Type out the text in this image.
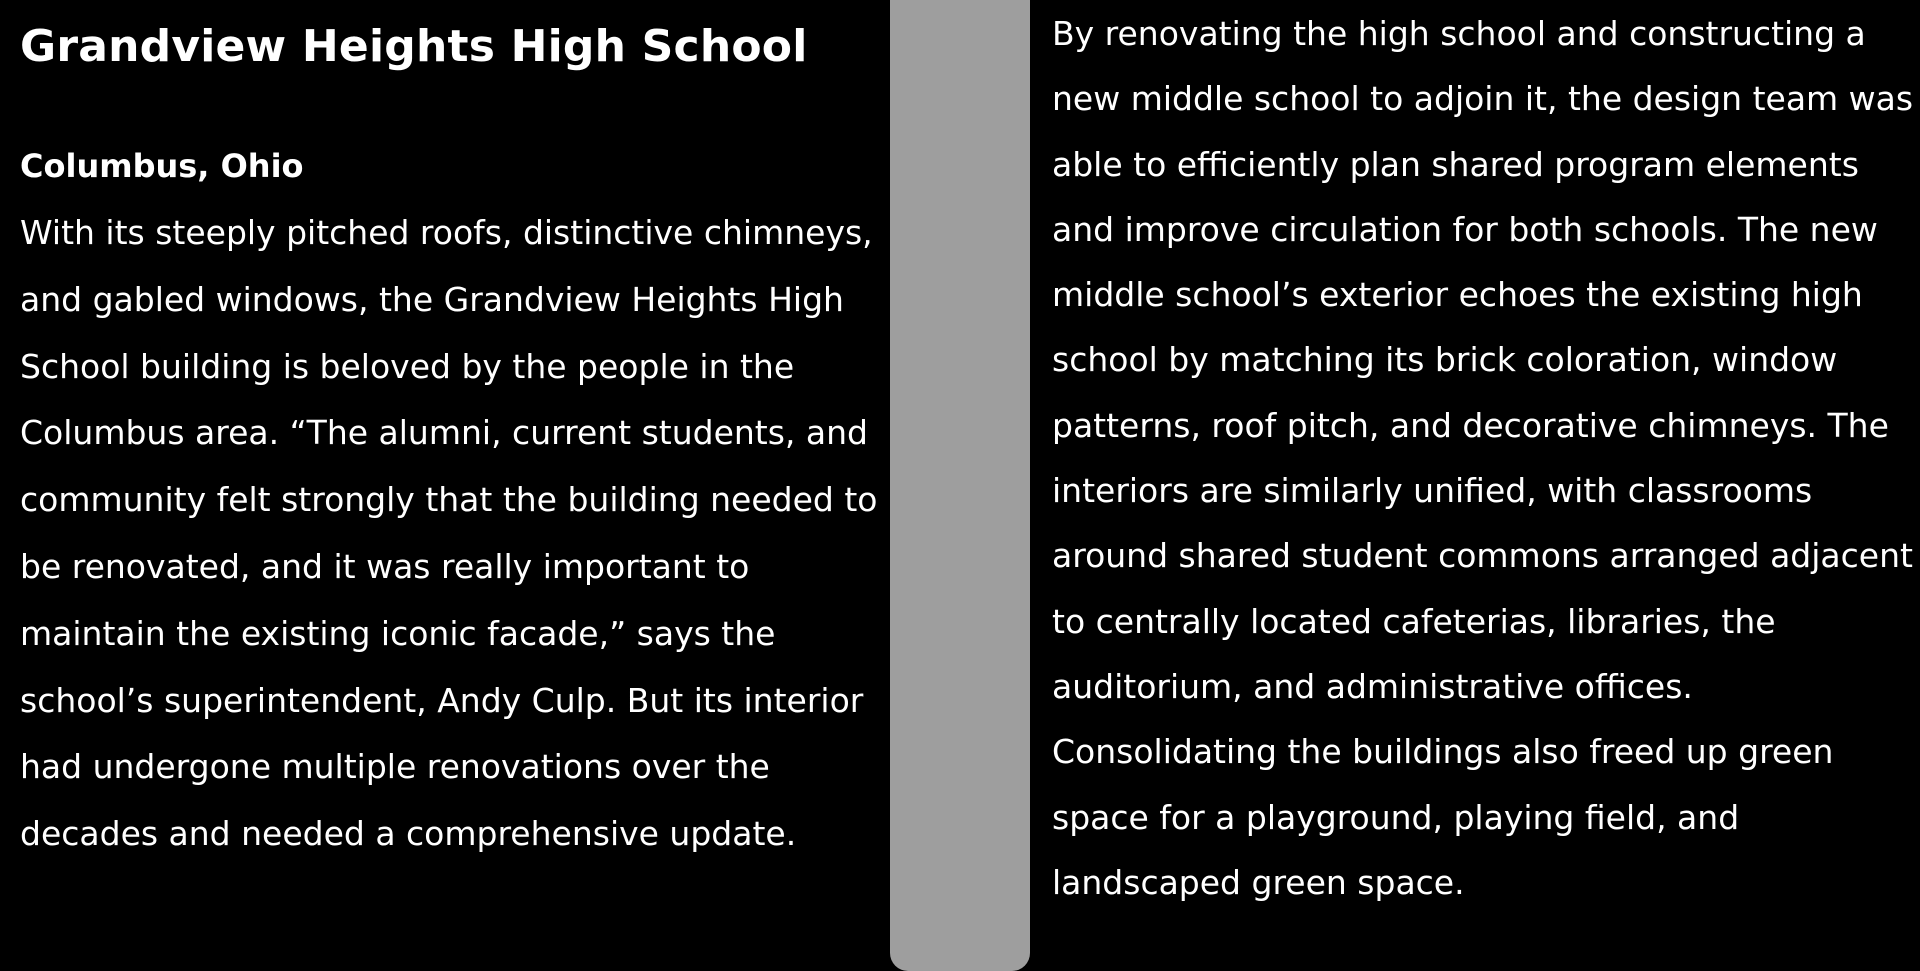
Grandview Heights High School
Columbus, Ohio

With its steeply pitched roofs, distinctive chimneys, and gabled windows, the Grandview Heights High School building is beloved by the people in the Columbus area. “The alumni, current students, and community felt strongly that the building needed to be renovated, and it was really important to maintain the existing iconic facade,” says the school’s superintendent, Andy Culp. But its interior had undergone multiple renovations over the decades and needed a comprehensive update.

By renovating the high school and constructing a new middle school to adjoin it, the design team was able to efficiently plan shared program elements and improve circulation for both schools. The new middle school’s exterior echoes the existing high school by matching its brick coloration, window patterns, roof pitch, and decorative chimneys. The interiors are similarly unified, with classrooms around shared student commons arranged adjacent to centrally located cafeterias, libraries, the auditorium, and administrative offices. Consolidating the buildings also freed up green space for a playground, playing field, and landscaped green space.
